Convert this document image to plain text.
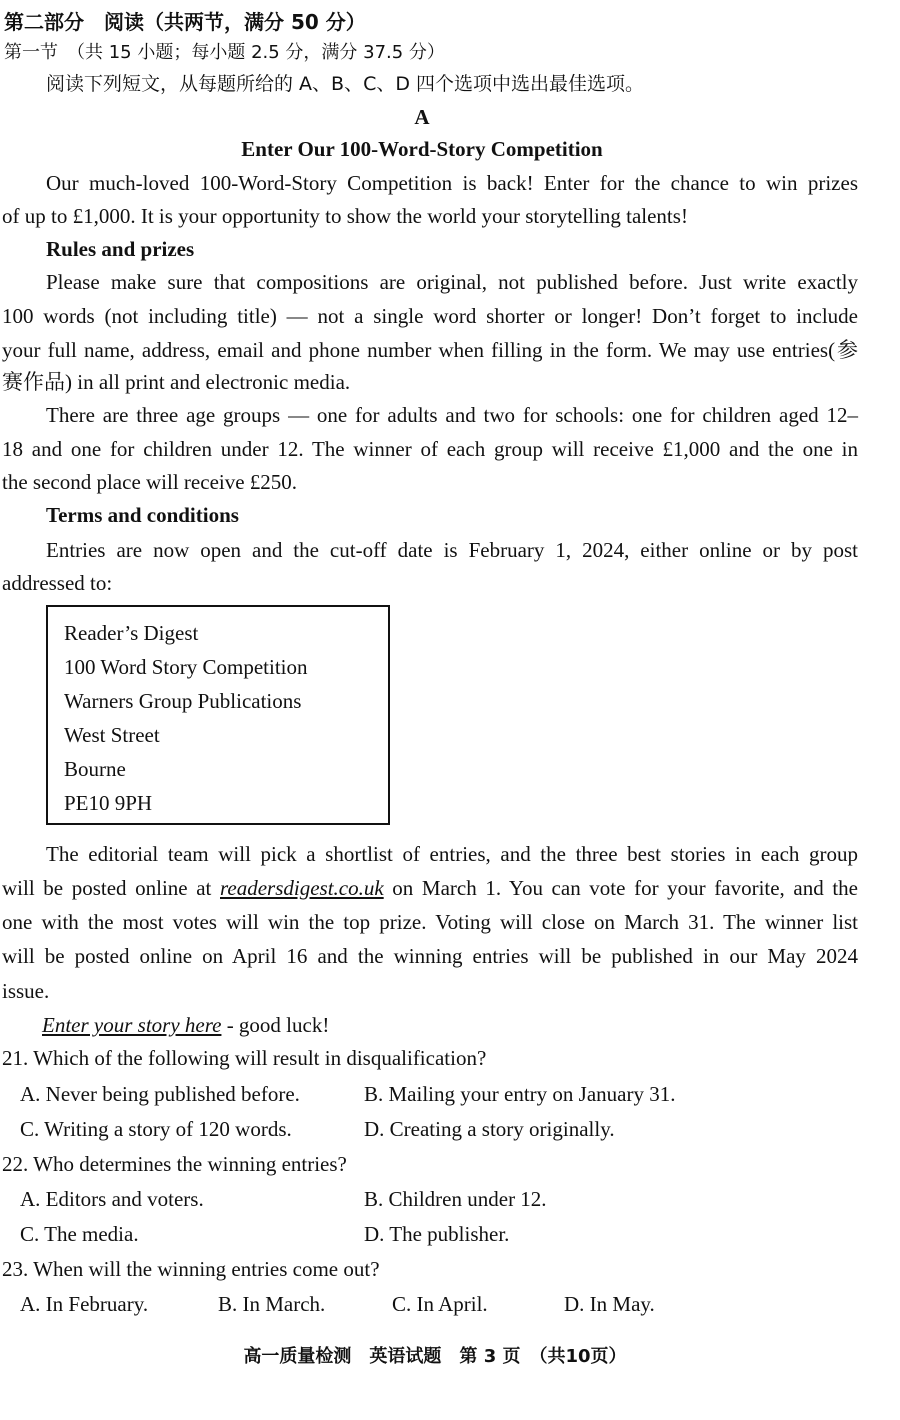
第二部分　阅读（共两节，满分 50 分）
第一节　（共 15 小题；每小题 2.5 分，满分 37.5 分）
阅读下列短文，从每题所给的 A、B、C、D 四个选项中选出最佳选项。
A
Enter Our 100-Word-Story Competition
Our much-loved 100-Word-Story Competition is back! Enter for the chance to win prizes
of up to £1,000. It is your opportunity to show the world your storytelling talents!
Rules and prizes
Please make sure that compositions are original, not published before. Just write exactly
100 words (not including title) — not a single word shorter or longer! Don’t forget to include
your full name, address, email and phone number when filling in the form. We may use entries(参
赛作品) in all print and electronic media.
There are three age groups — one for adults and two for schools: one for children aged 12–
18 and one for children under 12. The winner of each group will receive £1,000 and the one in
the second place will receive £250.
Terms and conditions
Entries are now open and the cut-off date is February 1, 2024, either online or by post
addressed to:
Reader’s Digest
100 Word Story Competition
Warners Group Publications
West Street
Bourne
PE10 9PH
The editorial team will pick a shortlist of entries, and the three best stories in each group
will be posted online at readersdigest.co.uk on March 1. You can vote for your favorite, and the
one with the most votes will win the top prize. Voting will close on March 31. The winner list
will be posted online on April 16 and the winning entries will be published in our May 2024
issue.
Enter your story here - good luck!
21. Which of the following will result in disqualification?
A. Never being published before.	B. Mailing your entry on January 31.
C. Writing a story of 120 words.	D. Creating a story originally.
22. Who determines the winning entries?
A. Editors and voters.	B. Children under 12.
C. The media.	D. The publisher.
23. When will the winning entries come out?
A. In February.	B. In March.	C. In April.	D. In May.
高一质量检测　英语试题　第 3 页　（共10页）
